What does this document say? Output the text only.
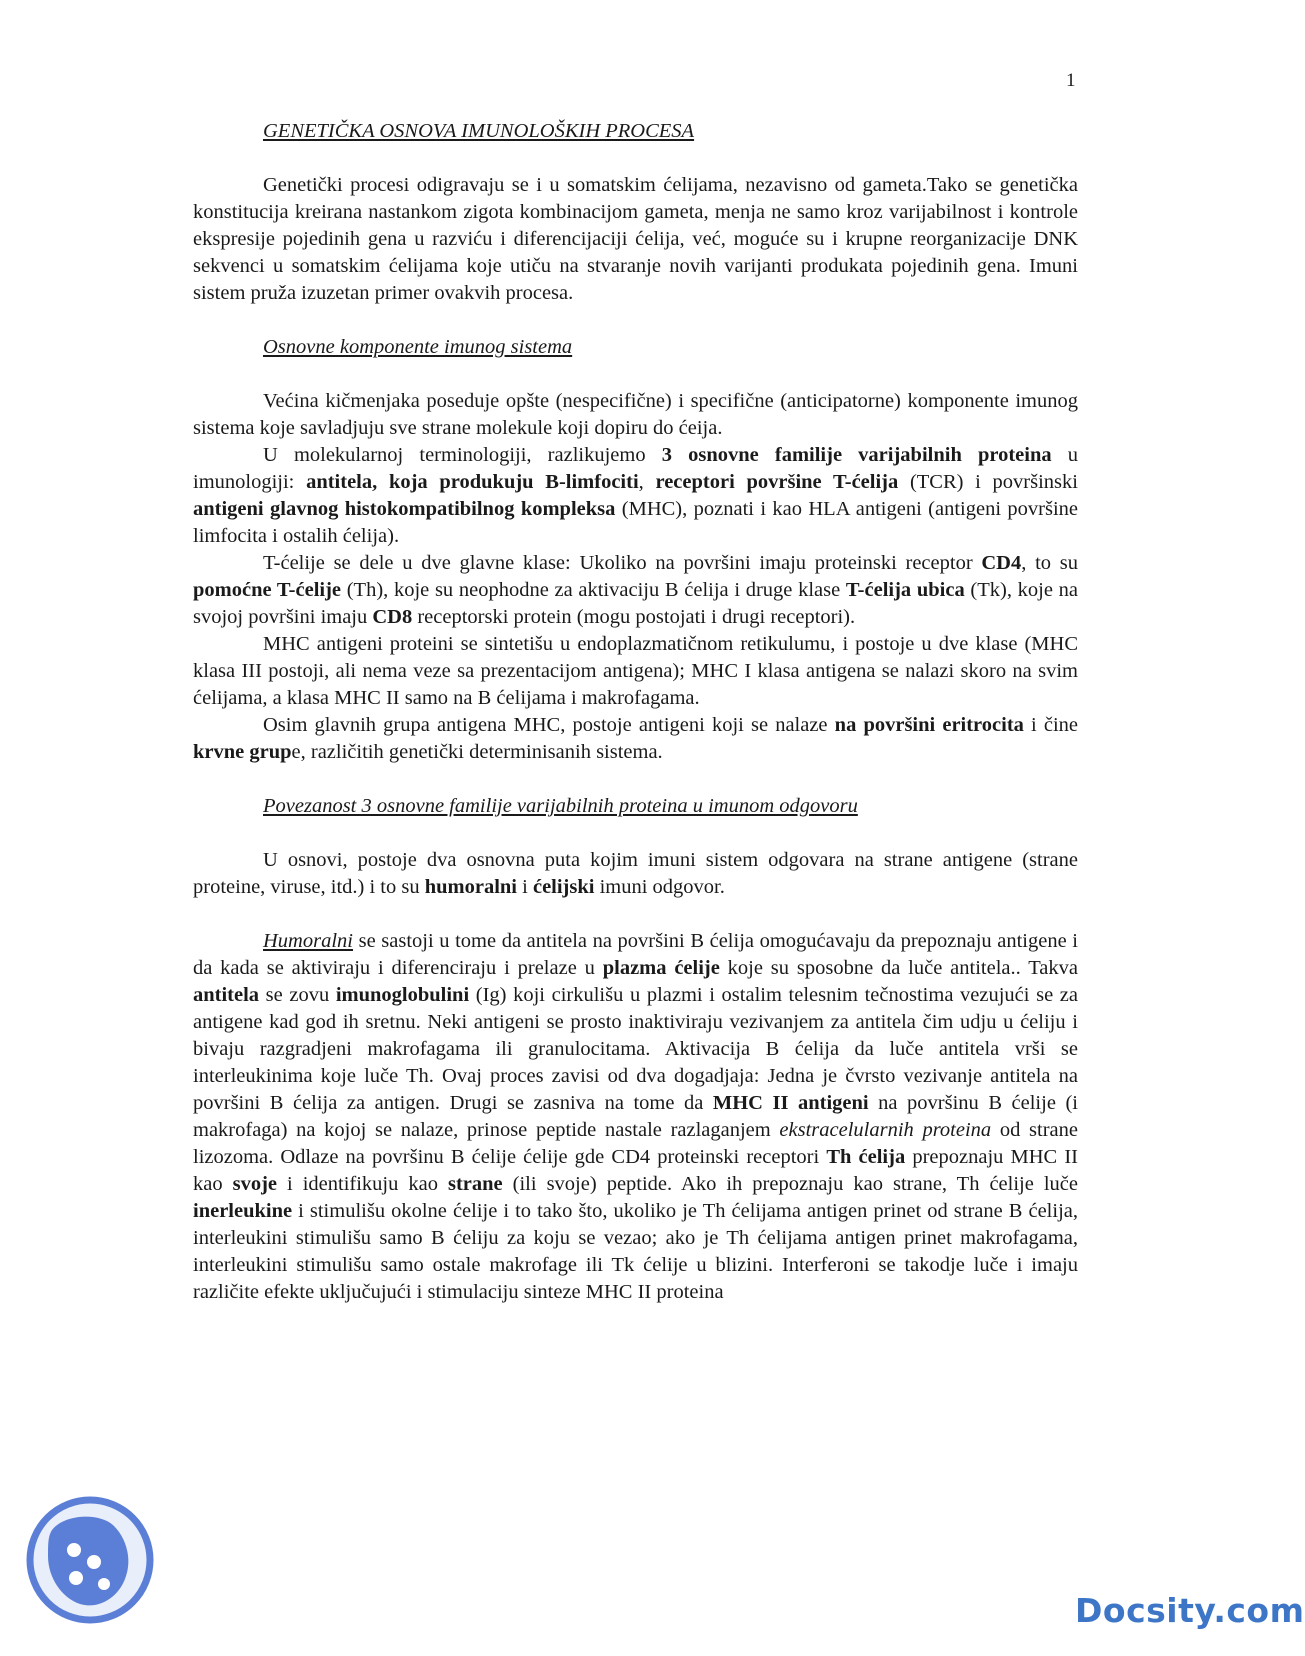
1

GENETIČKA OSNOVA IMUNOLOŠKIH PROCESA

Genetički procesi odigravaju se i u somatskim ćelijama, nezavisno od gameta.Tako se genetička konstitucija kreirana nastankom zigota kombinacijom gameta, menja ne samo kroz varijabilnost i kontrole ekspresije pojedinih gena u razviću i diferencijaciji ćelija, već, moguće su i krupne reorganizacije DNK sekvenci u somatskim ćelijama koje utiču na stvaranje novih varijanti produkata pojedinih gena. Imuni sistem pruža izuzetan primer ovakvih procesa.

Osnovne komponente imunog sistema

Većina kičmenjaka poseduje opšte (nespecifične) i specifične (anticipatorne) komponente imunog sistema koje savladjuju sve strane molekule koji dopiru do ćeija.

U molekularnoj terminologiji, razlikujemo 3 osnovne familije varijabilnih proteina u imunologiji: antitela, koja produkuju B-limfociti, receptori površine T-ćelija (TCR) i površinski antigeni glavnog histokompatibilnog kompleksa (MHC), poznati i kao HLA antigeni (antigeni površine limfocita i ostalih ćelija).

T-ćelije se dele u dve glavne klase: Ukoliko na površini imaju proteinski receptor CD4, to su pomoćne T-ćelije (Th), koje su neophodne za aktivaciju B ćelija i druge klase T-ćelija ubica (Tk), koje na svojoj površini imaju CD8 receptorski protein (mogu postojati i drugi receptori).

MHC antigeni proteini se sintetišu u endoplazmatičnom retikulumu, i postoje u dve klase (MHC klasa III postoji, ali nema veze sa prezentacijom antigena); MHC I klasa antigena se nalazi skoro na svim ćelijama, a klasa MHC II samo na B ćelijama i makrofagama.

Osim glavnih grupa antigena MHC, postoje antigeni koji se nalaze na površini eritrocita i čine krvne grupe, različitih genetički determinisanih sistema.

Povezanost 3 osnovne familije varijabilnih proteina u imunom odgovoru

U osnovi, postoje dva osnovna puta kojim imuni sistem odgovara na strane antigene (strane proteine, viruse, itd.) i to su humoralni i ćelijski imuni odgovor.

Humoralni se sastoji u tome da antitela na površini B ćelija omogućavaju da prepoznaju antigene i da kada se aktiviraju i diferenciraju i prelaze u plazma ćelije koje su sposobne da luče antitela.. Takva antitela se zovu imunoglobulini (Ig) koji cirkulišu u plazmi i ostalim telesnim tečnostima vezujući se za antigene kad god ih sretnu. Neki antigeni se prosto inaktiviraju vezivanjem za antitela čim udju u ćeliju i bivaju razgradjeni makrofagama ili granulocitama. Aktivacija B ćelija da luče antitela vrši se interleukinima koje luče Th. Ovaj proces zavisi od dva dogadjaja: Jedna je čvrsto vezivanje antitela na površini B ćelija za antigen. Drugi se zasniva na tome da MHC II antigeni na površinu B ćelije (i makrofaga) na kojoj se nalaze, prinose peptide nastale razlaganjem ekstracelularnih proteina od strane lizozoma. Odlaze na površinu B ćelije ćelije gde CD4 proteinski receptori Th ćelija prepoznaju MHC II kao svoje i identifikuju kao strane (ili svoje) peptide. Ako ih prepoznaju kao strane, Th ćelije luče inerleukine i stimulišu okolne ćelije i to tako što, ukoliko je Th ćelijama antigen prinet od strane B ćelija, interleukini stimulišu samo B ćeliju za koju se vezao; ako je Th ćelijama antigen prinet makrofagama, interleukini stimulišu samo ostale makrofage ili Tk ćelije u blizini. Interferoni se takodje luče i imaju različite efekte uključujući i stimulaciju sinteze MHC II proteina

Docsity.com
